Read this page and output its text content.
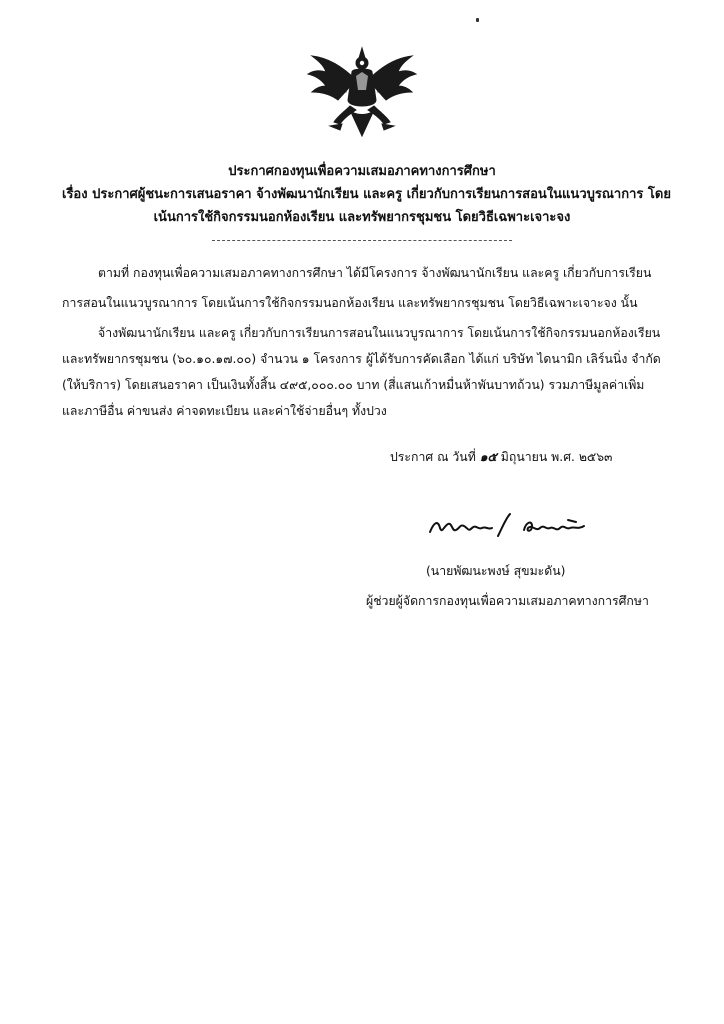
ประกาศกองทุนเพื่อความเสมอภาคทางการศึกษา
เรื่อง ประกาศผู้ชนะการเสนอราคา จ้างพัฒนานักเรียน และครู เกี่ยวกับการเรียนการสอนในแนวบูรณาการ โดย
เน้นการใช้กิจกรรมนอกห้องเรียน และทรัพยากรชุมชน โดยวิธีเฉพาะเจาะจง
ตามที่ กองทุนเพื่อความเสมอภาคทางการศึกษา ได้มีโครงการ จ้างพัฒนานักเรียน และครู เกี่ยวกับการเรียน
การสอนในแนวบูรณาการ โดยเน้นการใช้กิจกรรมนอกห้องเรียน และทรัพยากรชุมชน โดยวิธีเฉพาะเจาะจง นั้น
จ้างพัฒนานักเรียน และครู เกี่ยวกับการเรียนการสอนในแนวบูรณาการ โดยเน้นการใช้กิจกรรมนอกห้องเรียน
และทรัพยากรชุมชน (๖๐.๑๐.๑๗.๐๐) จำนวน ๑ โครงการ ผู้ได้รับการคัดเลือก ได้แก่ บริษัท ไดนามิก เลิร์นนิ่ง จำกัด
(ให้บริการ) โดยเสนอราคา เป็นเงินทั้งสิ้น ๔๙๕,๐๐๐.๐๐ บาท (สี่แสนเก้าหมื่นห้าพันบาทถ้วน) รวมภาษีมูลค่าเพิ่ม
และภาษีอื่น ค่าขนส่ง ค่าจดทะเบียน และค่าใช้จ่ายอื่นๆ ทั้งปวง
ประกาศ ณ วันที่ ๑๕ มิถุนายน พ.ศ. ๒๕๖๓
(นายพัฒนะพงษ์ สุขมะดัน)
ผู้ช่วยผู้จัดการกองทุนเพื่อความเสมอภาคทางการศึกษา
